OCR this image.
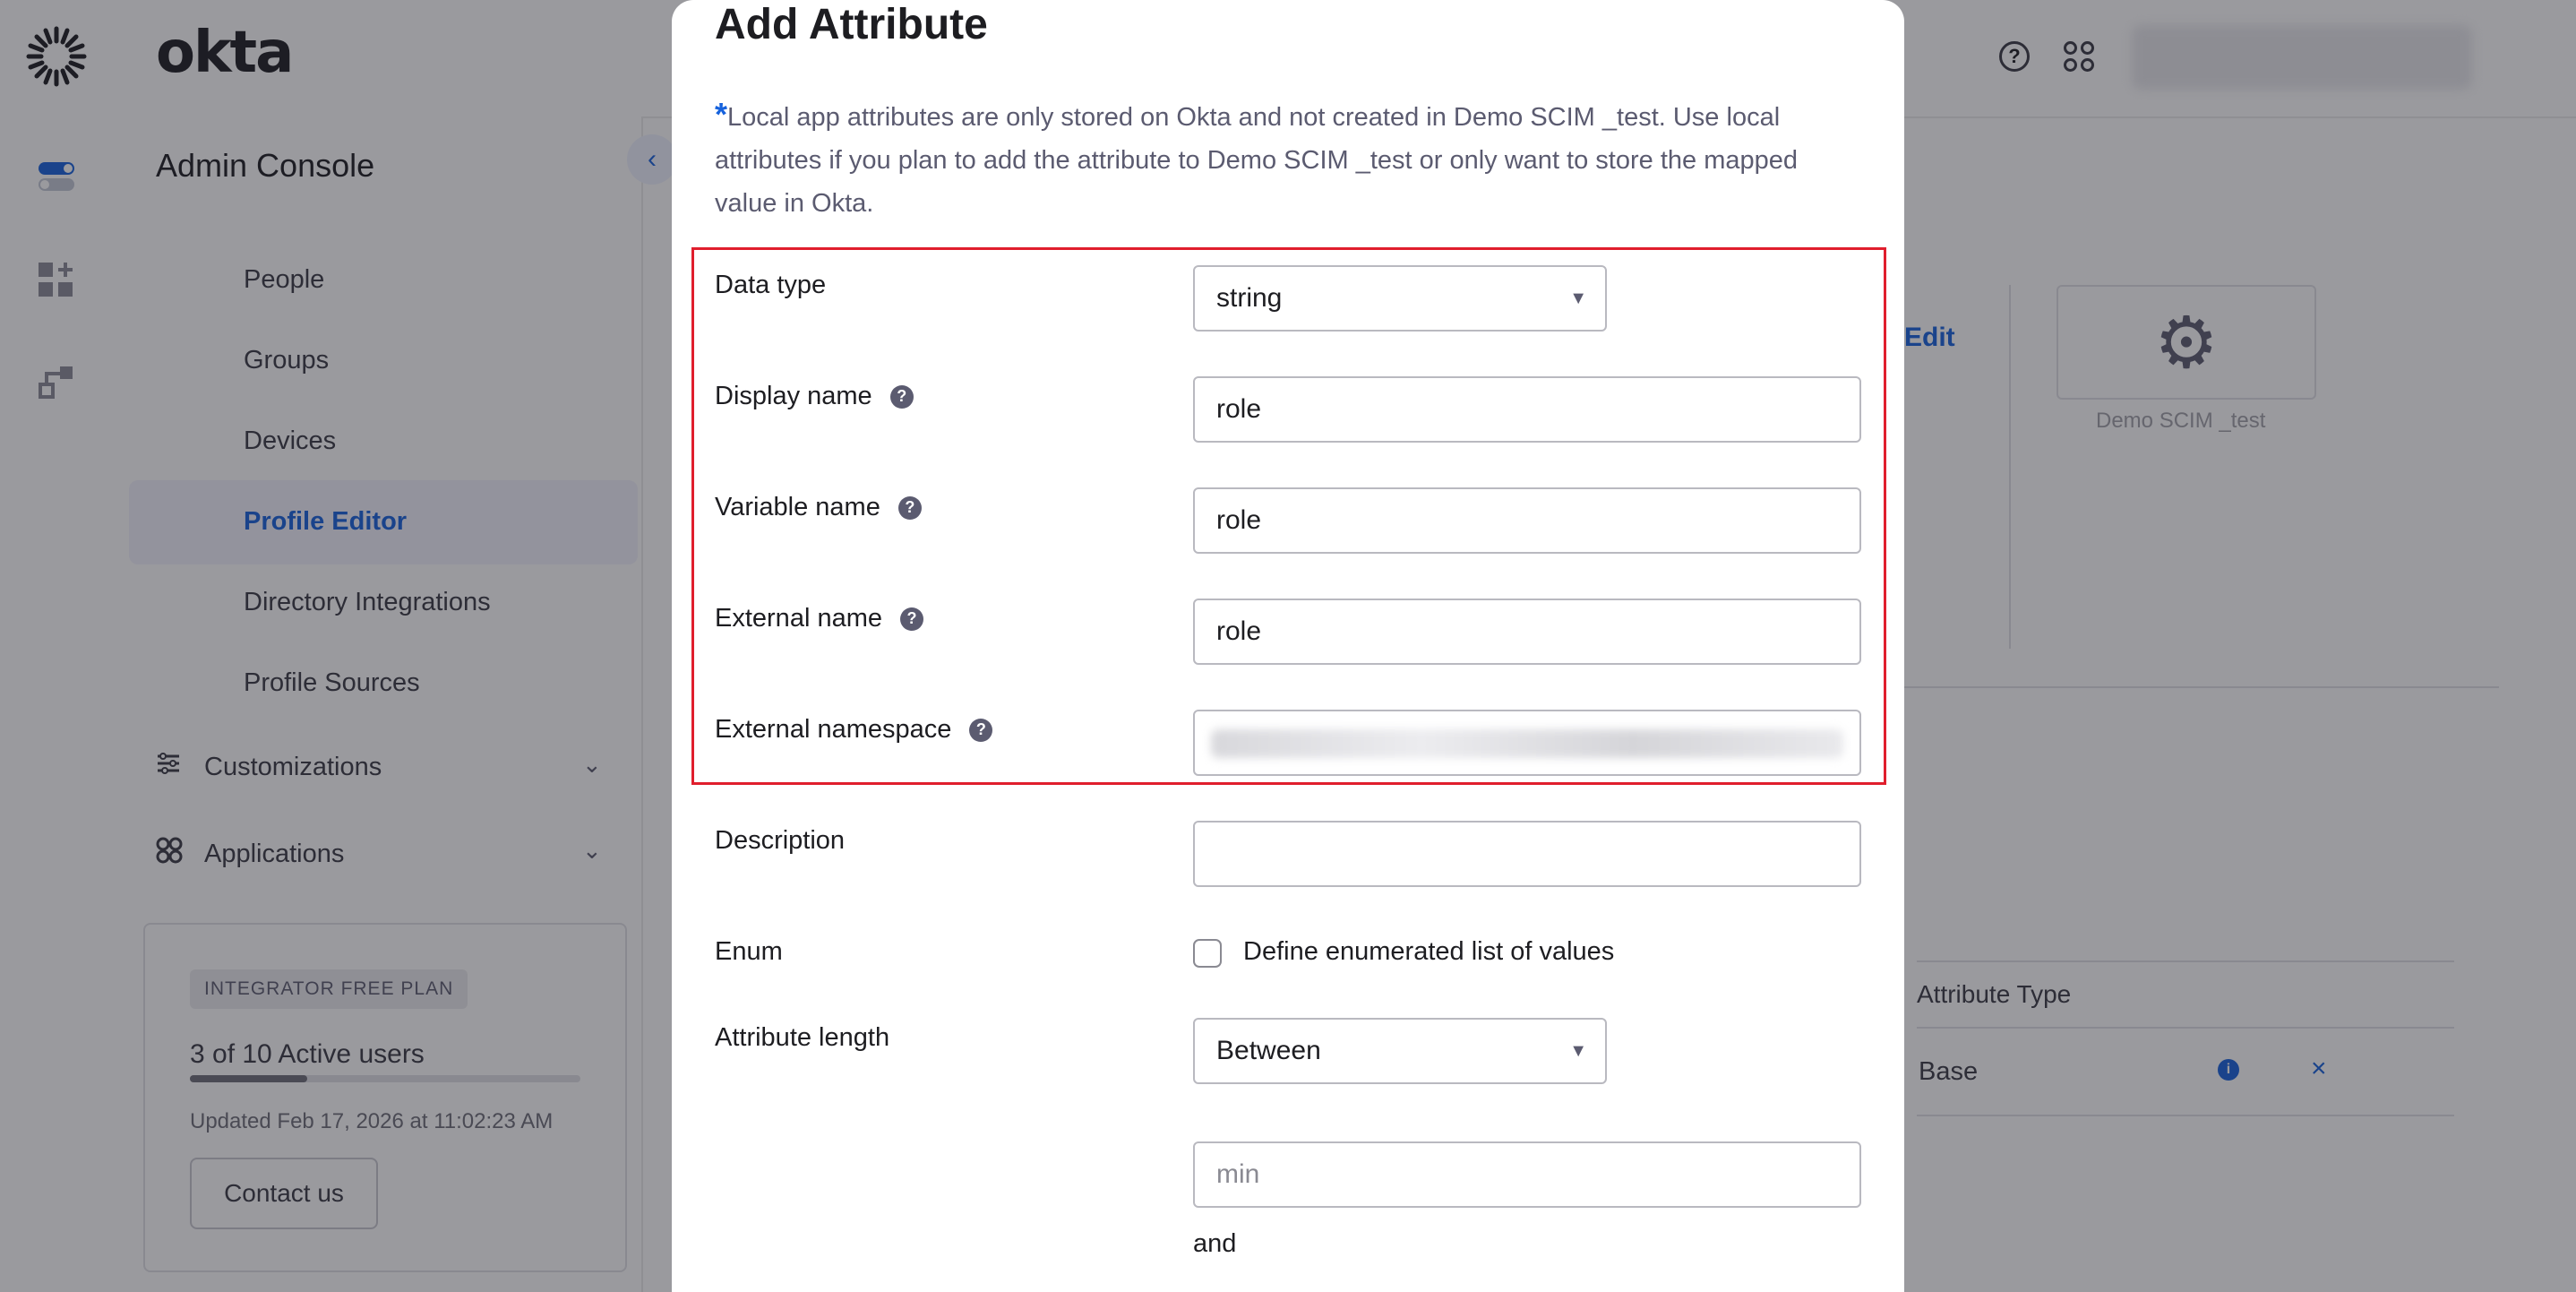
okta	?
Admin Console	‹
People
Groups
Devices
Profile Editor
Directory Integrations
Profile Sources
Customizations	⌄
Applications	⌄
INTEGRATOR FREE PLAN
3 of 10 Active users
Updated Feb 17, 2026 at 11:02:23 AM
Contact us
Edit	⚙
Demo SCIM _test
Attribute Type
Base	i	×
Add Attribute
*Local app attributes are only stored on Okta and not created in Demo SCIM _test. Use local attributes if you plan to add the attribute to Demo SCIM _test or only want to store the mapped value in Okta.
Data type	string	▼
Display name	?	role
Variable name	?	role
External name	?	role
External namespace	?
Description
Enum	Define enumerated list of values
Attribute length	Between	▼
min
and
